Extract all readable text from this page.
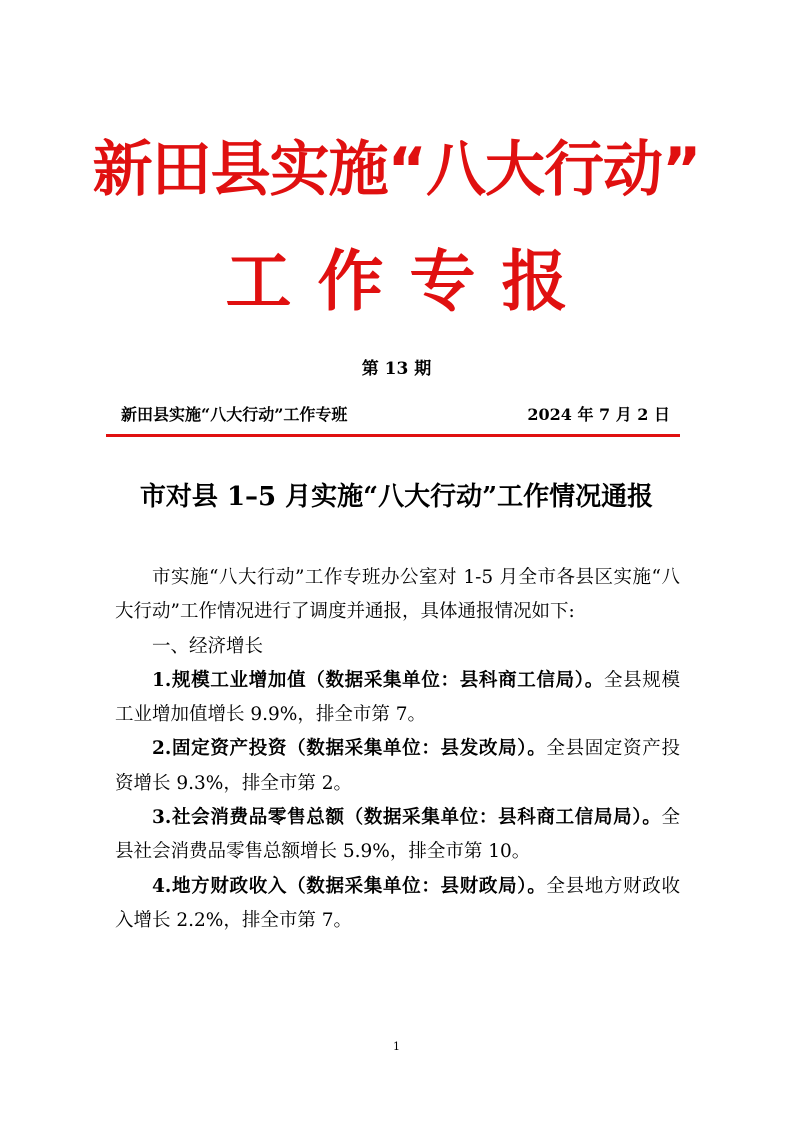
新田县实施“八大行动”
工作专报
第 13 期
新田县实施“八大行动”工作专班	2024 年 7 月 2 日
市对县 1–5 月实施“八大行动”工作情况通报

市实施“八大行动”工作专班办公室对 1-5 月全市各县区实施“八大行动”工作情况进行了调度并通报，具体通报情况如下:

一、经济增长

1.规模工业增加值（数据采集单位：县科商工信局）。全县规模工业增加值增长 9.9%，排全市第 7。

2.固定资产投资（数据采集单位：县发改局）。全县固定资产投资增长 9.3%，排全市第 2。

3.社会消费品零售总额（数据采集单位：县科商工信局局）。全县社会消费品零售总额增长 5.9%，排全市第 10。

4.地方财政收入（数据采集单位：县财政局）。全县地方财政收入增长 2.2%，排全市第 7。

1
